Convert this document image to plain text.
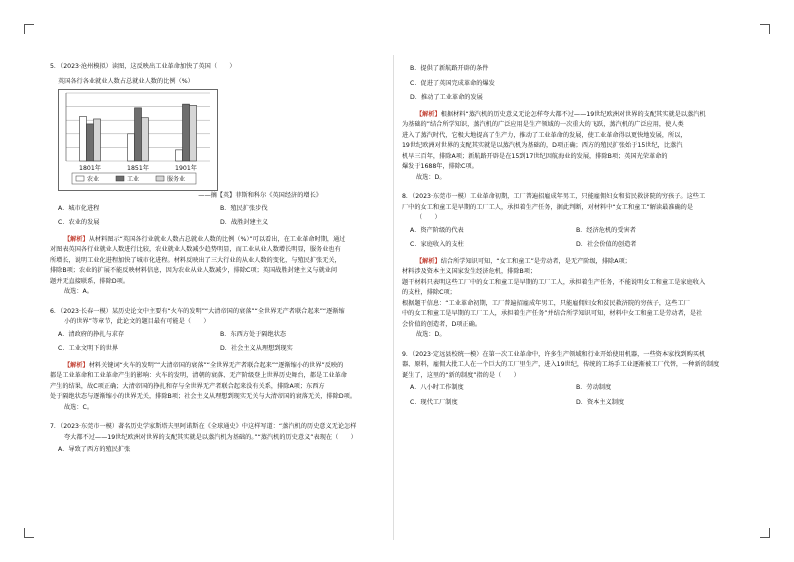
5．（2023·沧州模拟）读图，这反映出工业革命加快了英国（　　）

英国各行各业就业人数占总就业人数的比例（%）

1801年	1851年	1901年
农业	工业	服务业

——摘【英】菲斯和科尔《英国经济的增长》

A．城市化进程	B．殖民扩张步伐
C．农业的发展	D．战胜封建主义

【解析】从材料图示“英国各行业就业人数占总就业人数的比例（%）”可以看出，在工业革命时期，通过

对图表英国各行业就业人数进行比较，农业就业人数减少趋势明显，而工业从业人数增长明显，服务业也有

所增长，说明工业化进程加快了城市化进程。材料反映出了三大行业的从业人数的变化，与殖民扩张无关，

排除B项；农业的扩展不能反映材料信息，因为农业从业人数减少，排除C项；英国战胜封建主义与就业问

题并无直接联系，排除D项。

故选：A。

6．（2023·长春一模）某历史论文中主要有“火车的发明”“大清帝国的衰落”“全世界无产者联合起来”“逐渐缩

小的世界”等章节，此论文的题目最有可能是（　　）

A．清政府的挣扎与求存	B．东西方处于隔绝状态
C．工业文明下的世界	D．社会主义从理想到现实

【解析】材料关键词“火车的发明”“大清帝国的衰落”“全世界无产者联合起来”“逐渐缩小的世界”反映的

都是工业革命和工业革命产生的影响：火车的发明，清朝的衰落、无产阶级登上世界历史舞台，都是工业革命

产生的结果，故C项正确；大清帝国的挣扎和存与全世界无产者联合起来没有关系，排除A项；东西方

处于隔绝状态与逐渐缩小的世界无关，排除B项；社会主义从理想到现实无关与大清帝国的衰落无关，排除D项。

故选：C。

7．（2023·东莞市一模）著名历史学家斯塔夫里阿诺斯在《全球通史》中这样写道：“蒸汽机的历史意义无论怎样

夸大都不过——19世纪欧洲对世界的支配其实就是以蒸汽机为基础的。”“蒸汽机的历史意义”表现在（　　）

A．导致了西方的殖民扩张
B．提供了新航路开辟的条件
C．促进了英国完成革命的爆发
D．推动了工业革命的发展

【解析】根据材料“蒸汽机的历史意义无论怎样夸大都不过——19世纪欧洲对世界的支配其实就是以蒸汽机

为基础的”结合所学知识，蒸汽机的广泛应用是生产领域的一次重大的飞跃，蒸汽机的广泛应用，使人类

进入了蒸汽时代，它极大地提高了生产力，推动了工业革命的发展，使工业革命得以更快地发展，所以，

19世纪欧洲对世界的支配其实就是以蒸汽机为基础的，D项正确；西方的殖民扩张始于15世纪，比蒸汽

机早三百年，排除A项；新航路开辟是在15到17世纪因航海业的发展，排除B项；英国光荣革命的

爆发于1688年，排除C项。

故选：D。

8．（2023·东莞市一模）工业革命初期，工厂普遍招雇成年男工，只能雇佣妇女和贫民救济院的穷孩子。这些工

厂中的女工和童工是早期的工厂工人，承担着生产任务，据此判断，对材料中“女工和童工”解读最准确的是

（　　）

A．资产阶级的代表	B．经济危机的受害者
C．家庭收入的支柱	D．社会价值的创造者

【解析】结合所学知识可知，“女工和童工”是劳动者，是无产阶级，排除A项；

材料涉及资本主义国家发生经济危机，排除B项；

题干材料只表明这些工厂中的女工和童工是早期的工厂工人，承担着生产任务，不能说明女工和童工是家庭收入

的支柱，排除C项；

根据题干信息：“工业革命初期，工厂普遍招雇成年男工，只能雇佣妇女和贫民救济院的穷孩子，这些工厂

中的女工和童工是早期的工厂工人，承担着生产任务”并结合所学知识可知，材料中女工和童工是劳动者，是社

会价值的创造者，D项正确。

故选：D。

9．（2023·定远县校统一模）在第一次工业革命中，许多生产领域和行业开始使用机器，一些资本家找到购买机

器、原料，雇佣大批工人在一个巨大的工厂里生产，进入19世纪，传统的工场手工业逐渐被工厂代替，一种新的制度

诞生了，这里的“新的制度”指的是（　　）

A．八小时工作制度	B．劳动制度
C．现代工厂制度	D．资本主义制度
